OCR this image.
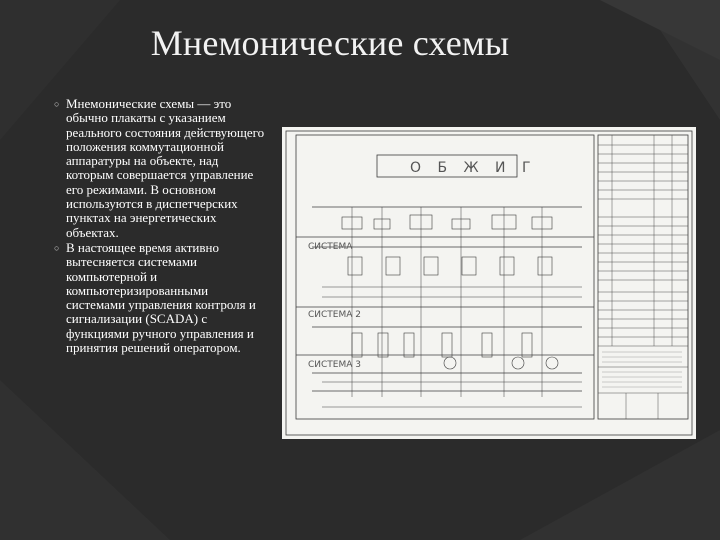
Мнемонические схемы

○ Мнемонические схемы — это обычно плакаты с указанием реального состояния действующего положения коммутационной аппаратуры на объекте, над которым совершается управление его режимами. В основном используются в диспетчерских пунктах на энергетических объектах.

○ В настоящее время активно вытесняется системами компьютерной и компьютеризированными системами управления контроля и сигнализации (SCADA) с функциями ручного управления и принятия решений оператором.

О Б Ж И Г
СИСТЕМА
СИСТЕМА 2
СИСТЕМА 3
